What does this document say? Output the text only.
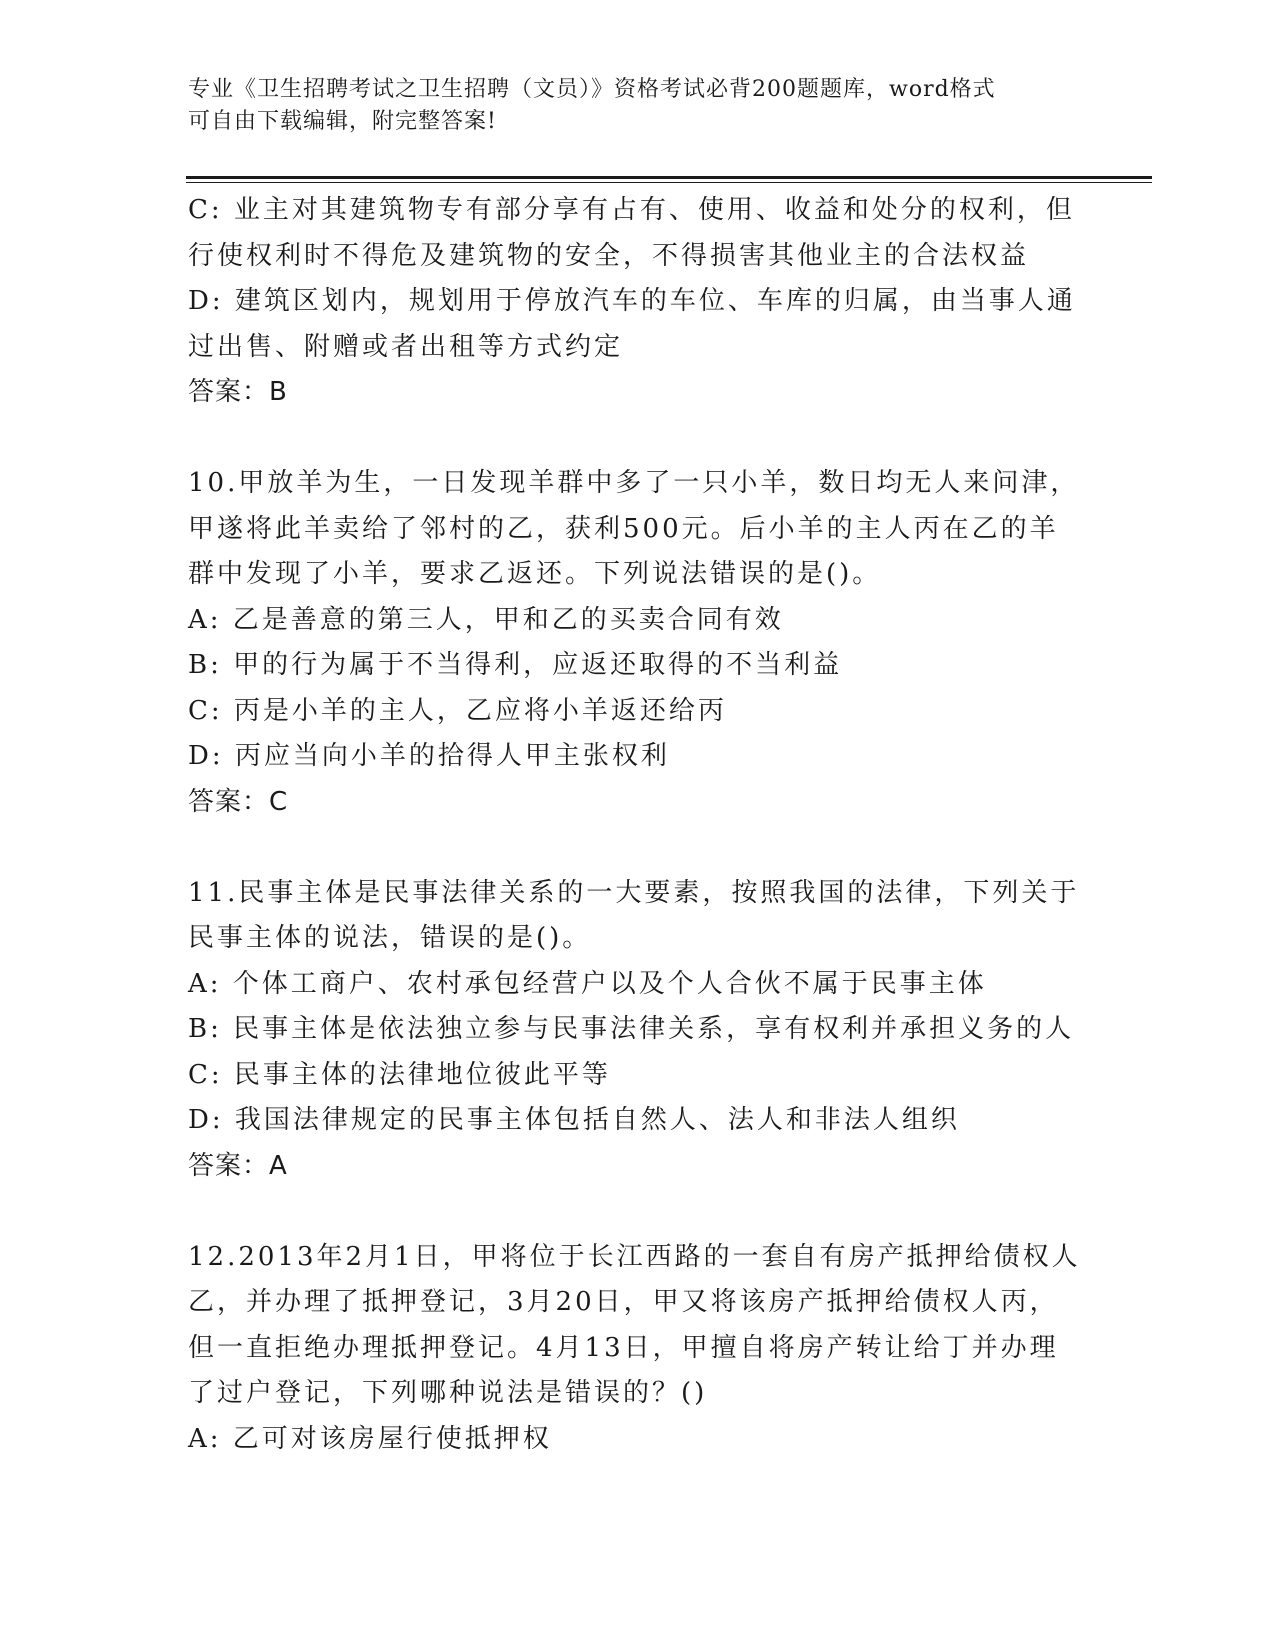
专业《卫生招聘考试之卫生招聘（文员）》资格考试必背200题题库，word格式
可自由下载编辑，附完整答案!
C: 业主对其建筑物专有部分享有占有、使用、收益和处分的权利，但
行使权利时不得危及建筑物的安全，不得损害其他业主的合法权益
D: 建筑区划内，规划用于停放汽车的车位、车库的归属，由当事人通
过出售、附赠或者出租等方式约定
答案：B
10.甲放羊为生，一日发现羊群中多了一只小羊，数日均无人来问津，
甲遂将此羊卖给了邻村的乙，获利500元。后小羊的主人丙在乙的羊
群中发现了小羊，要求乙返还。下列说法错误的是()。
A: 乙是善意的第三人，甲和乙的买卖合同有效
B: 甲的行为属于不当得利，应返还取得的不当利益
C: 丙是小羊的主人，乙应将小羊返还给丙
D: 丙应当向小羊的拾得人甲主张权利
答案：C
11.民事主体是民事法律关系的一大要素，按照我国的法律，下列关于
民事主体的说法，错误的是()。
A: 个体工商户、农村承包经营户以及个人合伙不属于民事主体
B: 民事主体是依法独立参与民事法律关系，享有权利并承担义务的人
C: 民事主体的法律地位彼此平等
D: 我国法律规定的民事主体包括自然人、法人和非法人组织
答案：A
12.2013年2月1日，甲将位于长江西路的一套自有房产抵押给债权人
乙，并办理了抵押登记，3月20日，甲又将该房产抵押给债权人丙，
但一直拒绝办理抵押登记。4月13日，甲擅自将房产转让给丁并办理
了过户登记，下列哪种说法是错误的？()
A: 乙可对该房屋行使抵押权
